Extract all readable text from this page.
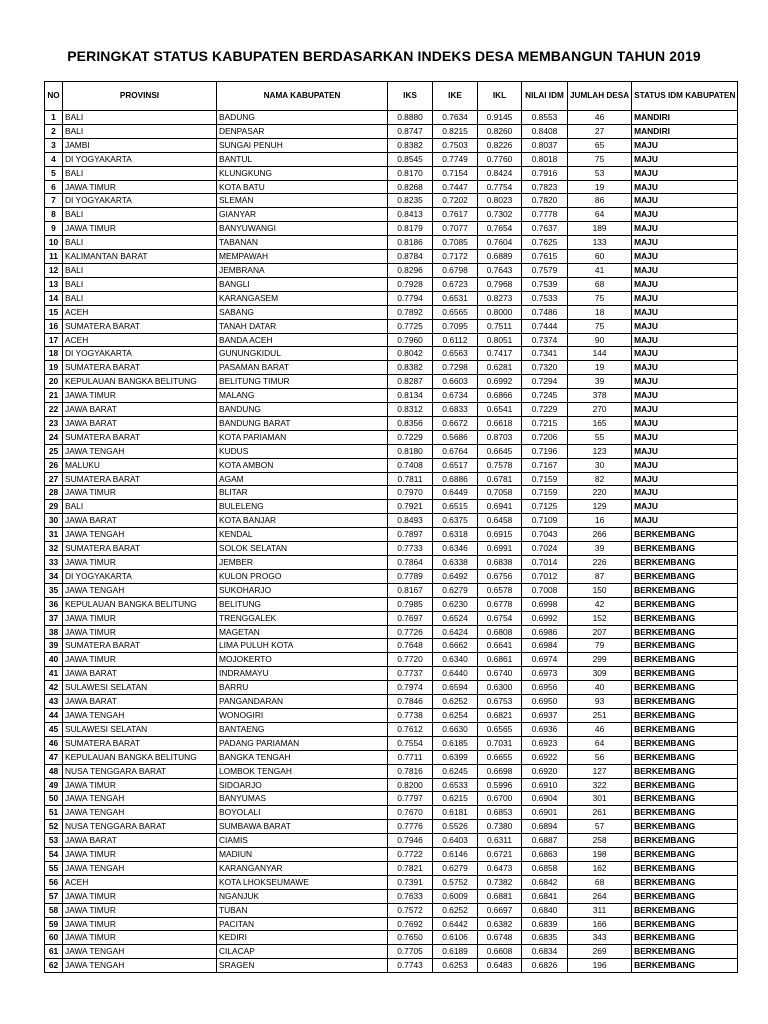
PERINGKAT STATUS KABUPATEN BERDASARKAN INDEKS DESA MEMBANGUN TAHUN 2019
NO	PROVINSI	NAMA KABUPATEN	IKS	IKE	IKL	NILAI IDM	JUMLAH DESA	STATUS IDM KABUPATEN
1	BALI	BADUNG	0.8880	0.7634	0.9145	0.8553	46	MANDIRI
2	BALI	DENPASAR	0.8747	0.8215	0.8260	0.8408	27	MANDIRI
3	JAMBI	SUNGAI PENUH	0.8382	0.7503	0.8226	0.8037	65	MAJU
4	DI YOGYAKARTA	BANTUL	0.8545	0.7749	0.7760	0.8018	75	MAJU
5	BALI	KLUNGKUNG	0.8170	0.7154	0.8424	0.7916	53	MAJU
6	JAWA TIMUR	KOTA BATU	0.8268	0.7447	0.7754	0.7823	19	MAJU
7	DI YOGYAKARTA	SLEMAN	0.8235	0.7202	0.8023	0.7820	86	MAJU
8	BALI	GIANYAR	0.8413	0.7617	0.7302	0.7778	64	MAJU
9	JAWA TIMUR	BANYUWANGI	0.8179	0.7077	0.7654	0.7637	189	MAJU
10	BALI	TABANAN	0.8186	0.7085	0.7604	0.7625	133	MAJU
11	KALIMANTAN BARAT	MEMPAWAH	0.8784	0.7172	0.6889	0.7615	60	MAJU
12	BALI	JEMBRANA	0.8296	0.6798	0.7643	0.7579	41	MAJU
13	BALI	BANGLI	0.7928	0.6723	0.7968	0.7539	68	MAJU
14	BALI	KARANGASEM	0.7794	0.6531	0.8273	0.7533	75	MAJU
15	ACEH	SABANG	0.7892	0.6565	0.8000	0.7486	18	MAJU
16	SUMATERA BARAT	TANAH DATAR	0.7725	0.7095	0.7511	0.7444	75	MAJU
17	ACEH	BANDA ACEH	0.7960	0.6112	0.8051	0.7374	90	MAJU
18	DI YOGYAKARTA	GUNUNGKIDUL	0.8042	0.6563	0.7417	0.7341	144	MAJU
19	SUMATERA BARAT	PASAMAN BARAT	0.8382	0.7298	0.6281	0.7320	19	MAJU
20	KEPULAUAN BANGKA BELITUNG	BELITUNG TIMUR	0.8287	0.6603	0.6992	0.7294	39	MAJU
21	JAWA TIMUR	MALANG	0.8134	0.6734	0.6866	0.7245	378	MAJU
22	JAWA BARAT	BANDUNG	0.8312	0.6833	0.6541	0.7229	270	MAJU
23	JAWA BARAT	BANDUNG BARAT	0.8356	0.6672	0.6618	0.7215	165	MAJU
24	SUMATERA BARAT	KOTA PARIAMAN	0.7229	0.5686	0.8703	0.7206	55	MAJU
25	JAWA TENGAH	KUDUS	0.8180	0.6764	0.6645	0.7196	123	MAJU
26	MALUKU	KOTA AMBON	0.7408	0.6517	0.7578	0.7167	30	MAJU
27	SUMATERA BARAT	AGAM	0.7811	0.6886	0.6781	0.7159	82	MAJU
28	JAWA TIMUR	BLITAR	0.7970	0.6449	0.7058	0.7159	220	MAJU
29	BALI	BULELENG	0.7921	0.6515	0.6941	0.7125	129	MAJU
30	JAWA BARAT	KOTA BANJAR	0.8493	0.6375	0.6458	0.7109	16	MAJU
31	JAWA TENGAH	KENDAL	0.7897	0.6318	0.6915	0.7043	266	BERKEMBANG
32	SUMATERA BARAT	SOLOK SELATAN	0.7733	0.6346	0.6991	0.7024	39	BERKEMBANG
33	JAWA TIMUR	JEMBER	0.7864	0.6338	0.6838	0.7014	226	BERKEMBANG
34	DI YOGYAKARTA	KULON PROGO	0.7789	0.6492	0.6756	0.7012	87	BERKEMBANG
35	JAWA TENGAH	SUKOHARJO	0.8167	0.6279	0.6578	0.7008	150	BERKEMBANG
36	KEPULAUAN BANGKA BELITUNG	BELITUNG	0.7985	0.6230	0.6778	0.6998	42	BERKEMBANG
37	JAWA TIMUR	TRENGGALEK	0.7697	0.6524	0.6754	0.6992	152	BERKEMBANG
38	JAWA TIMUR	MAGETAN	0.7726	0.6424	0.6808	0.6986	207	BERKEMBANG
39	SUMATERA BARAT	LIMA PULUH KOTA	0.7648	0.6662	0.6641	0.6984	79	BERKEMBANG
40	JAWA TIMUR	MOJOKERTO	0.7720	0.6340	0.6861	0.6974	299	BERKEMBANG
41	JAWA BARAT	INDRAMAYU	0.7737	0.6440	0.6740	0.6973	309	BERKEMBANG
42	SULAWESI SELATAN	BARRU	0.7974	0.6594	0.6300	0.6956	40	BERKEMBANG
43	JAWA BARAT	PANGANDARAN	0.7846	0.6252	0.6753	0.6950	93	BERKEMBANG
44	JAWA TENGAH	WONOGIRI	0.7738	0.6254	0.6821	0.6937	251	BERKEMBANG
45	SULAWESI SELATAN	BANTAENG	0.7612	0.6630	0.6565	0.6936	46	BERKEMBANG
46	SUMATERA BARAT	PADANG PARIAMAN	0.7554	0.6185	0.7031	0.6923	64	BERKEMBANG
47	KEPULAUAN BANGKA BELITUNG	BANGKA TENGAH	0.7711	0.6399	0.6655	0.6922	56	BERKEMBANG
48	NUSA TENGGARA BARAT	LOMBOK TENGAH	0.7816	0.6245	0.6698	0.6920	127	BERKEMBANG
49	JAWA TIMUR	SIDOARJO	0.8200	0.6533	0.5996	0.6910	322	BERKEMBANG
50	JAWA TENGAH	BANYUMAS	0.7797	0.6215	0.6700	0.6904	301	BERKEMBANG
51	JAWA TENGAH	BOYOLALI	0.7670	0.6181	0.6853	0.6901	261	BERKEMBANG
52	NUSA TENGGARA BARAT	SUMBAWA BARAT	0.7776	0.5526	0.7380	0.6894	57	BERKEMBANG
53	JAWA BARAT	CIAMIS	0.7946	0.6403	0.6311	0.6887	258	BERKEMBANG
54	JAWA TIMUR	MADIUN	0.7722	0.6146	0.6721	0.6863	198	BERKEMBANG
55	JAWA TENGAH	KARANGANYAR	0.7821	0.6279	0.6473	0.6858	162	BERKEMBANG
56	ACEH	KOTA LHOKSEUMAWE	0.7391	0.5752	0.7382	0.6842	68	BERKEMBANG
57	JAWA TIMUR	NGANJUK	0.7633	0.6009	0.6881	0.6841	264	BERKEMBANG
58	JAWA TIMUR	TUBAN	0.7572	0.6252	0.6697	0.6840	311	BERKEMBANG
59	JAWA TIMUR	PACITAN	0.7692	0.6442	0.6382	0.6839	166	BERKEMBANG
60	JAWA TIMUR	KEDIRI	0.7650	0.6106	0.6748	0.6835	343	BERKEMBANG
61	JAWA TENGAH	CILACAP	0.7705	0.6189	0.6608	0.6834	269	BERKEMBANG
62	JAWA TENGAH	SRAGEN	0.7743	0.6253	0.6483	0.6826	196	BERKEMBANG
